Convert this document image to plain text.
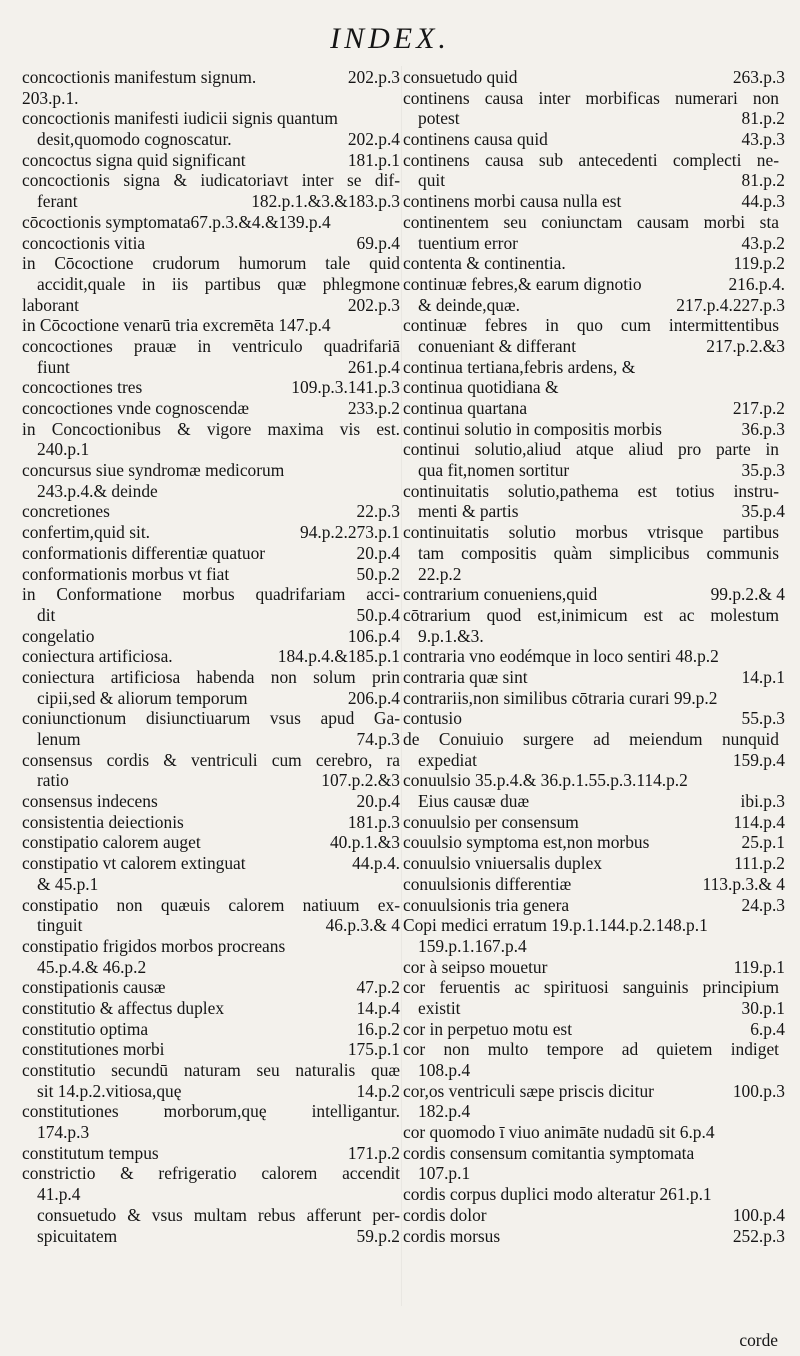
INDEX.
concoctionis manifestum signum.	202.p.3
203.p.1.
concoctionis manifesti iudicii signis quantum
desit,quomodo cognoscatur.	202.p.4
concoctus signa quid significant	181.p.1
concoctionis signa & iudicatoriavt inter se dif-
ferant	182.p.1.&3.&183.p.3
cōcoctionis symptomata67.p.3.&4.&139.p.4
concoctionis vitia	69.p.4
in Cōcoctione crudorum humorum tale quid
accidit,quale in iis partibus quæ phlegmone
laborant	202.p.3
in Cōcoctione venarū tria excremēta 147.p.4
concoctiones prauæ in ventriculo quadrifariā
fiunt	261.p.4
concoctiones tres	109.p.3.141.p.3
concoctiones vnde cognoscendæ	233.p.2
in Concoctionibus & vigore maxima vis est.
240.p.1
concursus siue syndromæ medicorum
243.p.4.& deinde
concretiones	22.p.3
confertim,quid sit.	94.p.2.273.p.1
conformationis differentiæ quatuor	20.p.4
conformationis morbus vt fiat	50.p.2
in Conformatione morbus quadrifariam acci-
dit	50.p.4
congelatio	106.p.4
coniectura artificiosa.	184.p.4.&185.p.1
coniectura artificiosa habenda non solum prin
cipii,sed & aliorum temporum	206.p.4
coniunctionum disiunctiuarum vsus apud Ga-
lenum	74.p.3
consensus cordis & ventriculi cum cerebro, ra
ratio	107.p.2.&3
consensus indecens	20.p.4
consistentia deiectionis	181.p.3
constipatio calorem auget	40.p.1.&3
constipatio vt calorem extinguat	44.p.4.
& 45.p.1
constipatio non quæuis calorem natiuum ex-
tinguit	46.p.3.& 4
constipatio frigidos morbos procreans
45.p.4.& 46.p.2
constipationis causæ	47.p.2
constitutio & affectus duplex	14.p.4
constitutio optima	16.p.2
constitutiones morbi	175.p.1
constitutio secundū naturam seu naturalis quæ
sit 14.p.2.vitiosa,quę	14.p.2
constitutiones morborum,quę intelligantur.
174.p.3
constitutum tempus	171.p.2
constrictio & refrigeratio calorem accendit
41.p.4
consuetudo & vsus multam rebus afferunt per-
spicuitatem	59.p.2
consuetudo quid	263.p.3
continens causa inter morbificas numerari non
potest	81.p.2
continens causa quid	43.p.3
continens causa sub antecedenti complecti ne-
quit	81.p.2
continens morbi causa nulla est	44.p.3
continentem seu coniunctam causam morbi sta
tuentium error	43.p.2
contenta & continentia.	119.p.2
continuæ febres,& earum dignotio	216.p.4.
& deinde,quæ.	217.p.4.227.p.3
continuæ febres in quo cum intermittentibus
conueniant & differant	217.p.2.&3
continua tertiana,febris ardens, &
continua quotidiana &
continua quartana	217.p.2
continui solutio in compositis morbis	36.p.3
continui solutio,aliud atque aliud pro parte in
qua fit,nomen sortitur	35.p.3
continuitatis solutio,pathema est totius instru-
menti & partis	35.p.4
continuitatis solutio morbus vtrisque partibus
tam compositis quàm simplicibus communis
22.p.2
contrarium conueniens,quid	99.p.2.& 4
cōtrarium quod est,inimicum est ac molestum
9.p.1.&3.
contraria vno eodémque in loco sentiri 48.p.2
contraria quæ sint	14.p.1
contrariis,non similibus cōtraria curari 99.p.2
contusio	55.p.3
de Conuiuio surgere ad meiendum nunquid
expediat	159.p.4
conuulsio 35.p.4.& 36.p.1.55.p.3.114.p.2
Eius causæ duæ	ibi.p.3
conuulsio per consensum	114.p.4
couulsio symptoma est,non morbus	25.p.1
conuulsio vniuersalis duplex	111.p.2
conuulsionis differentiæ	113.p.3.& 4
conuulsionis tria genera	24.p.3
Copi medici erratum 19.p.1.144.p.2.148.p.1
159.p.1.167.p.4
cor à seipso mouetur	119.p.1
cor feruentis ac spirituosi sanguinis principium
existit	30.p.1
cor in perpetuo motu est	6.p.4
cor non multo tempore ad quietem indiget
108.p.4
cor,os ventriculi sæpe priscis dicitur	100.p.3
182.p.4
cor quomodo ī viuo animāte nudadū sit 6.p.4
cordis consensum comitantia symptomata
107.p.1
cordis corpus duplici modo alteratur 261.p.1
cordis dolor	100.p.4
cordis morsus	252.p.3
corde
